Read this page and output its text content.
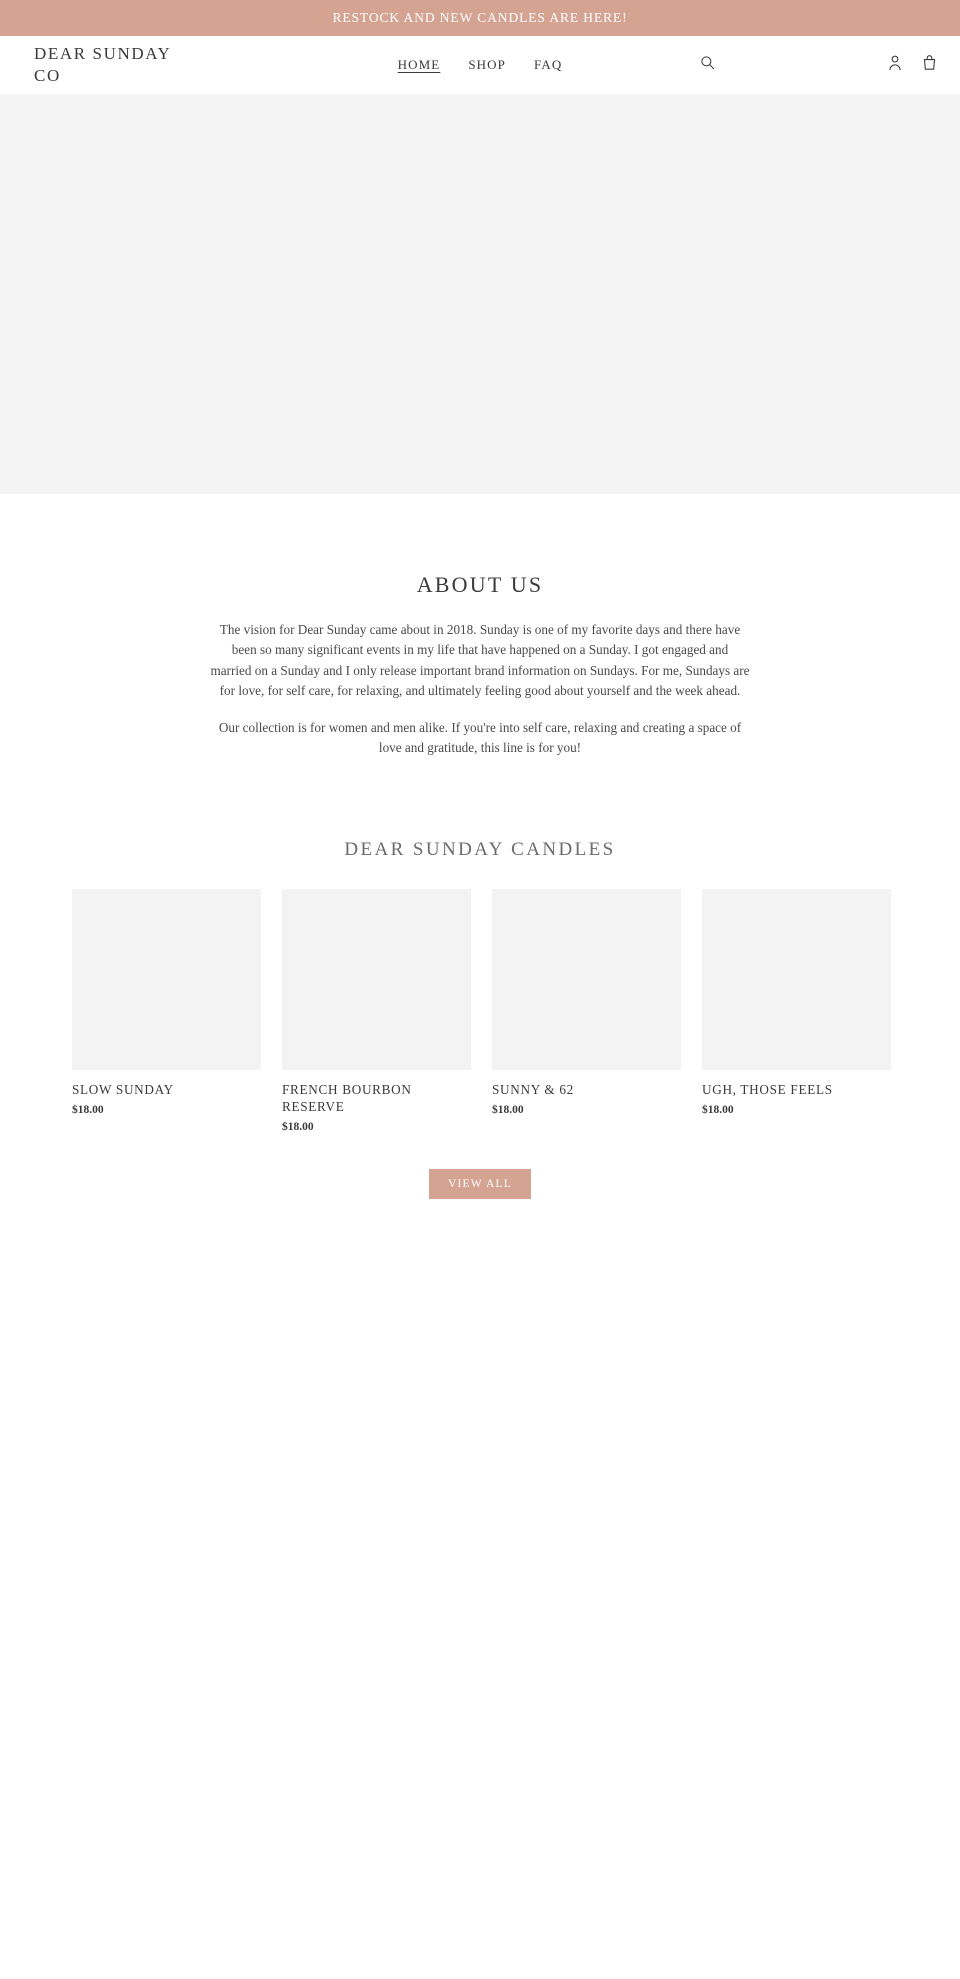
RESTOCK AND NEW CANDLES ARE HERE!
DEAR SUNDAY
CO
HOME SHOP FAQ
ABOUT US

The vision for Dear Sunday came about in 2018. Sunday is one of my favorite days and there have been so many significant events in my life that have happened on a Sunday. I got engaged and married on a Sunday and I only release important brand information on Sundays. For me, Sundays are for love, for self care, for relaxing, and ultimately feeling good about yourself and the week ahead.

Our collection is for women and men alike. If you're into self care, relaxing and creating a space of love and gratitude, this line is for you!

DEAR SUNDAY CANDLES
SLOW SUNDAY
$18.00
FRENCH BOURBON RESERVE
$18.00
SUNNY & 62
$18.00
UGH, THOSE FEELS
$18.00
VIEW ALL
